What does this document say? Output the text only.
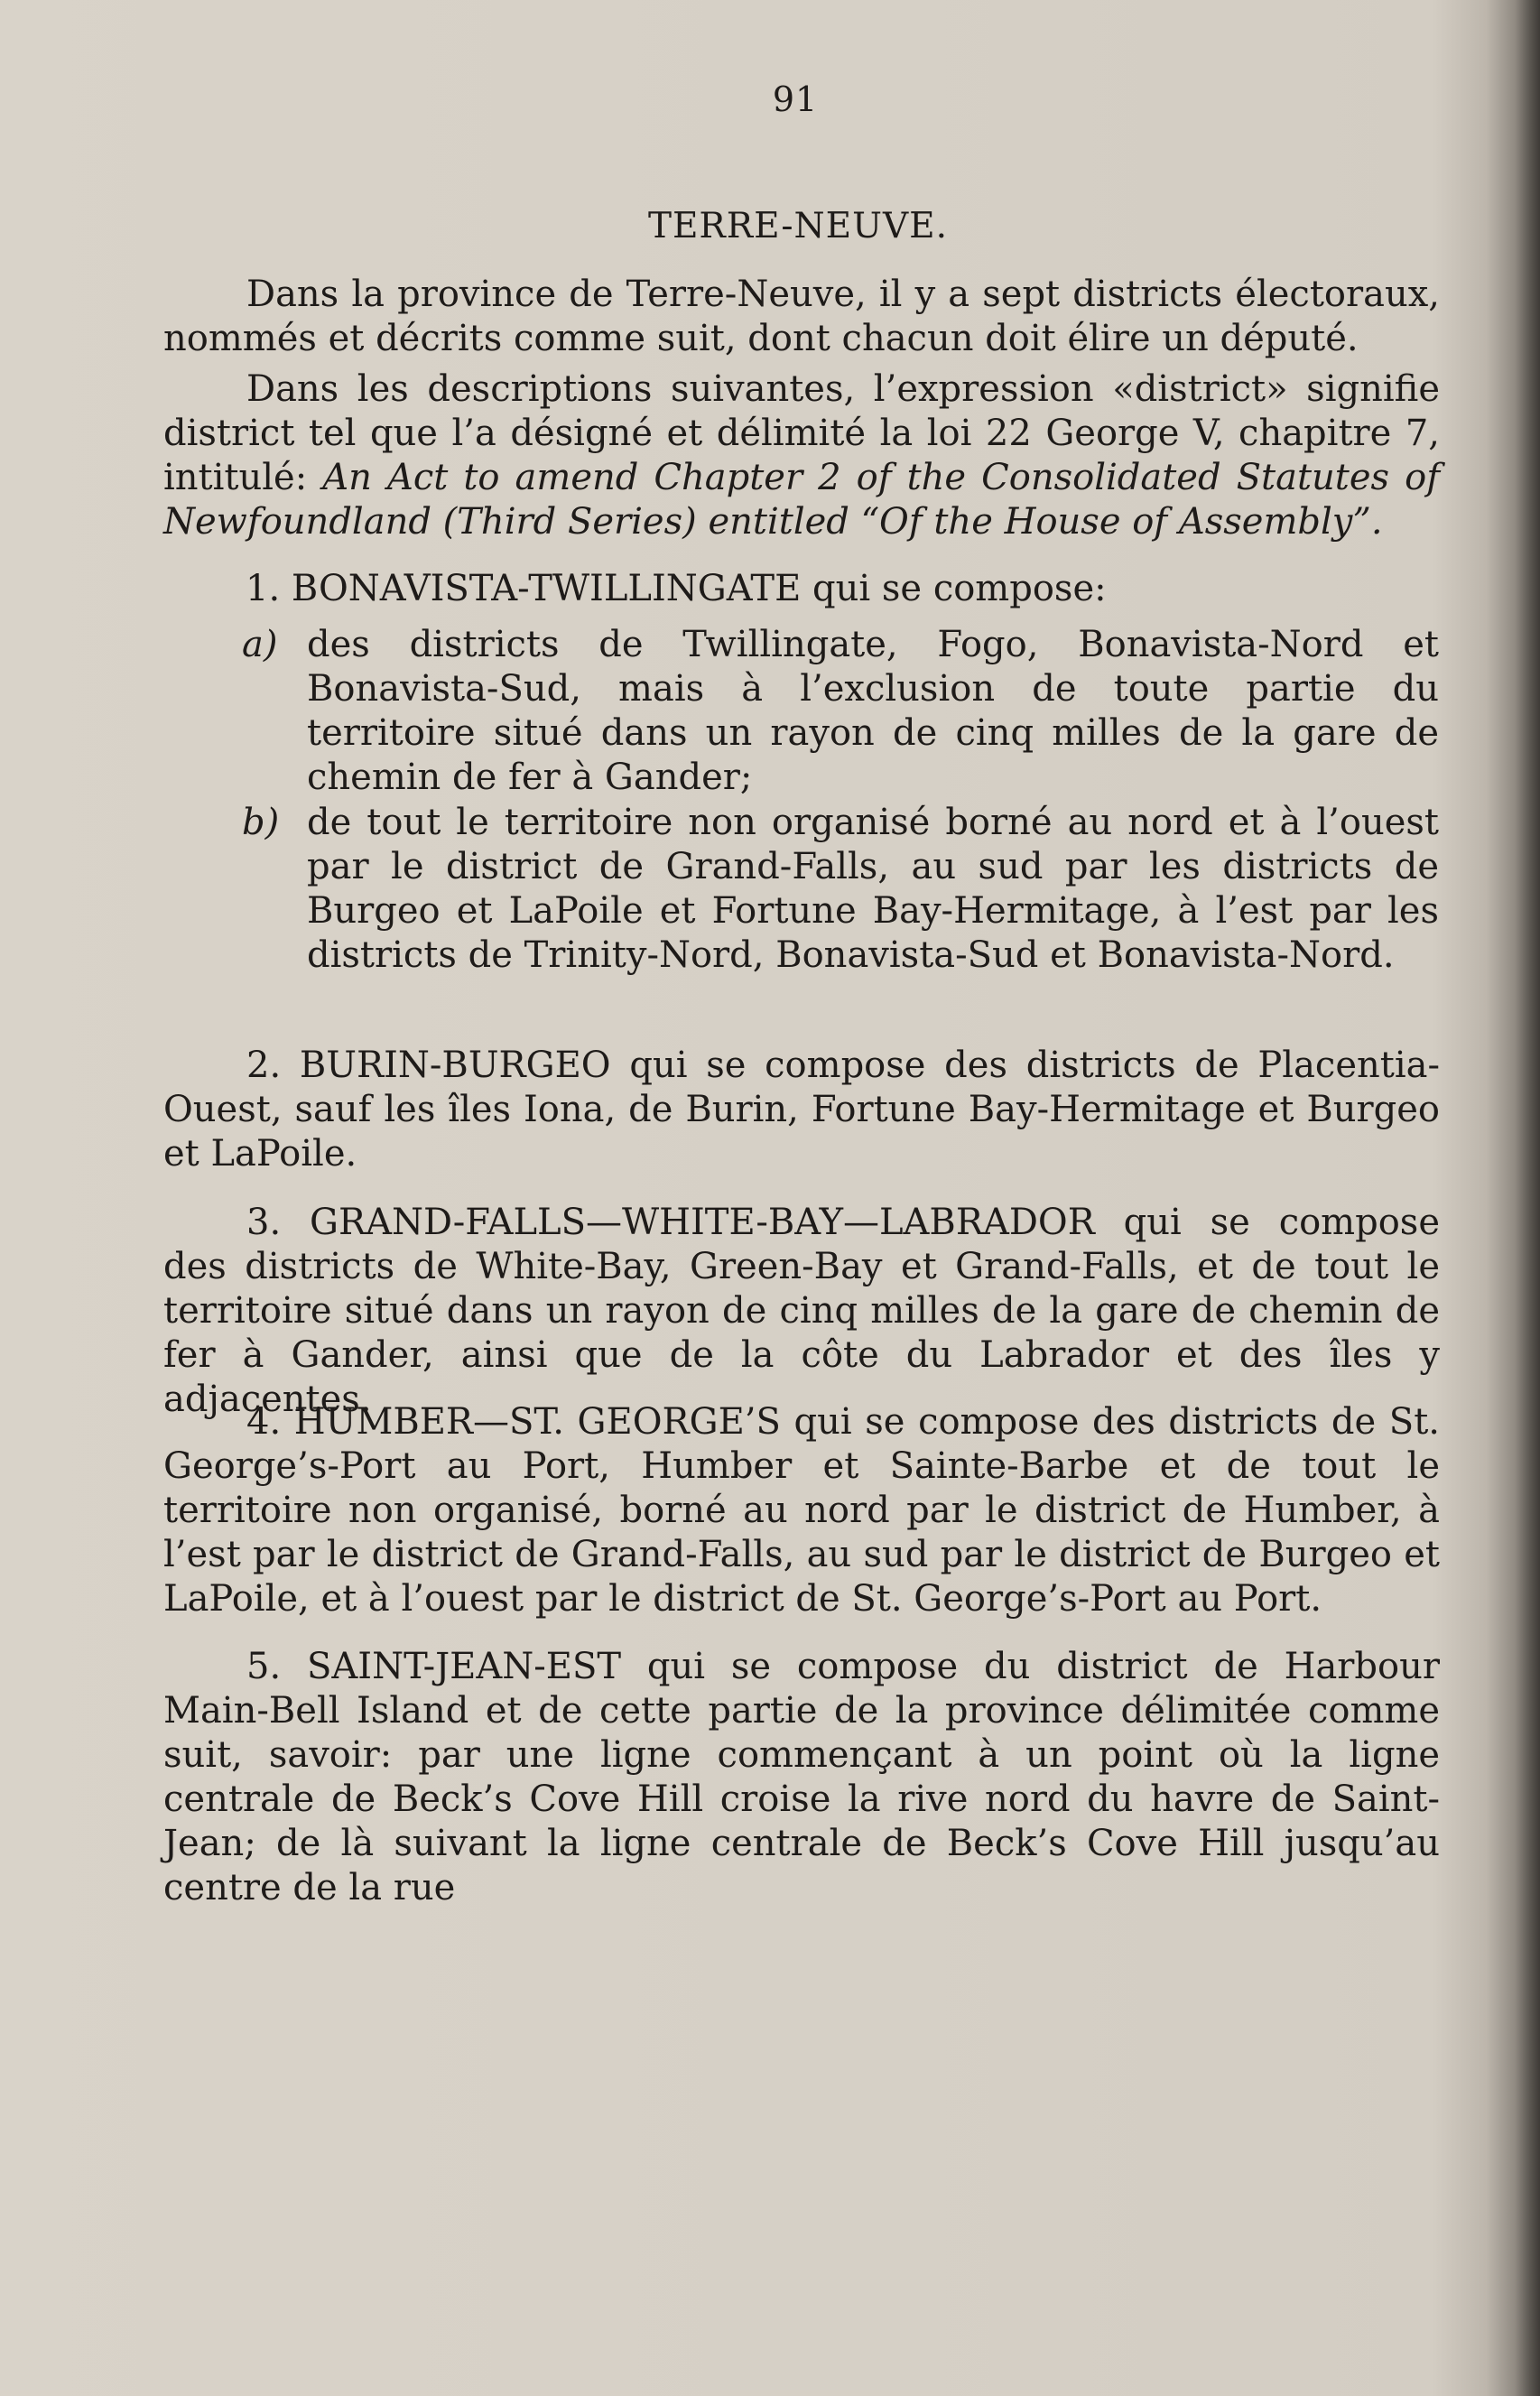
91
TERRE-NEUVE.

Dans la province de Terre-Neuve, il y a sept districts électoraux, nommés et décrits comme suit, dont chacun doit élire un député.

Dans les descriptions suivantes, l’expression «district» signifie district tel que l’a désigné et délimité la loi 22 George V, chapitre 7, intitulé: An Act to amend Chapter 2 of the Consolidated Statutes of Newfoundland (Third Series) entitled “Of the House of Assembly”.
1. BONAVISTA-TWILLINGATE qui se compose:
a) des districts de Twillingate, Fogo, Bonavista-Nord et Bonavista-Sud, mais à l’exclusion de toute partie du territoire situé dans un rayon de cinq milles de la gare de chemin de fer à Gander;
b) de tout le territoire non organisé borné au nord et à l’ouest par le district de Grand-Falls, au sud par les districts de Burgeo et LaPoile et Fortune Bay-Hermitage, à l’est par les districts de Trinity-Nord, Bonavista-Sud et Bonavista-Nord.
2. BURIN-BURGEO qui se compose des districts de Placentia-Ouest, sauf les îles Iona, de Burin, Fortune Bay-Hermitage et Burgeo et LaPoile.
3. GRAND-FALLS—WHITE-BAY—LABRADOR qui se compose des districts de White-Bay, Green-Bay et Grand-Falls, et de tout le territoire situé dans un rayon de cinq milles de la gare de chemin de fer à Gander, ainsi que de la côte du Labrador et des îles y adjacentes.
4. HUMBER—ST. GEORGE’S qui se compose des districts de St. George’s-Port au Port, Humber et Sainte-Barbe et de tout le territoire non organisé, borné au nord par le district de Humber, à l’est par le district de Grand-Falls, au sud par le district de Burgeo et LaPoile, et à l’ouest par le district de St. George’s-Port au Port.
5. SAINT-JEAN-EST qui se compose du district de Harbour Main-Bell Island et de cette partie de la province délimitée comme suit, savoir: par une ligne commençant à un point où la ligne centrale de Beck’s Cove Hill croise la rive nord du havre de Saint-Jean; de là suivant la ligne centrale de Beck’s Cove Hill jusqu’au centre de la rue
